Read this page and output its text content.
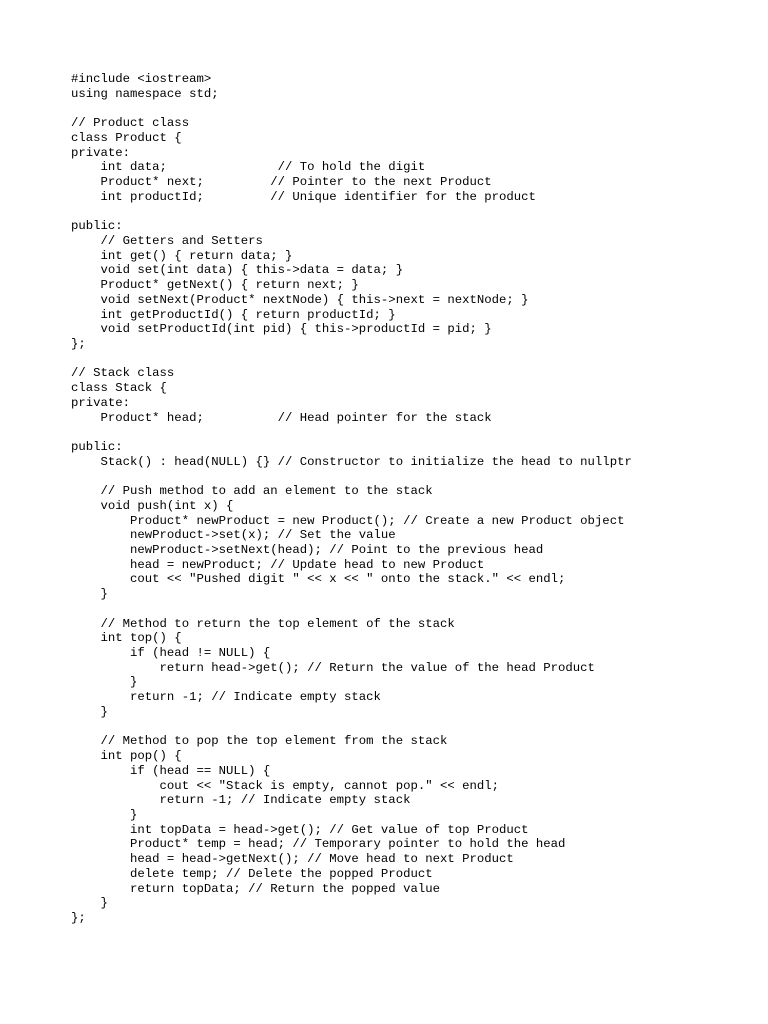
#include <iostream>
using namespace std;
// Product class
class Product {
private:
int data;               // To hold the digit
Product* next;         // Pointer to the next Product
int productId;         // Unique identifier for the product
public:
// Getters and Setters
int get() { return data; }
void set(int data) { this->data = data; }
Product* getNext() { return next; }
void setNext(Product* nextNode) { this->next = nextNode; }
int getProductId() { return productId; }
void setProductId(int pid) { this->productId = pid; }
};
// Stack class
class Stack {
private:
Product* head;          // Head pointer for the stack
public:
Stack() : head(NULL) {} // Constructor to initialize the head to nullptr
// Push method to add an element to the stack
void push(int x) {
Product* newProduct = new Product(); // Create a new Product object
newProduct->set(x); // Set the value
newProduct->setNext(head); // Point to the previous head
head = newProduct; // Update head to new Product
cout << "Pushed digit " << x << " onto the stack." << endl;
}
// Method to return the top element of the stack
int top() {
if (head != NULL) {
return head->get(); // Return the value of the head Product
}
return -1; // Indicate empty stack
}
// Method to pop the top element from the stack
int pop() {
if (head == NULL) {
cout << "Stack is empty, cannot pop." << endl;
return -1; // Indicate empty stack
}
int topData = head->get(); // Get value of top Product
Product* temp = head; // Temporary pointer to hold the head
head = head->getNext(); // Move head to next Product
delete temp; // Delete the popped Product
return topData; // Return the popped value
}
};
